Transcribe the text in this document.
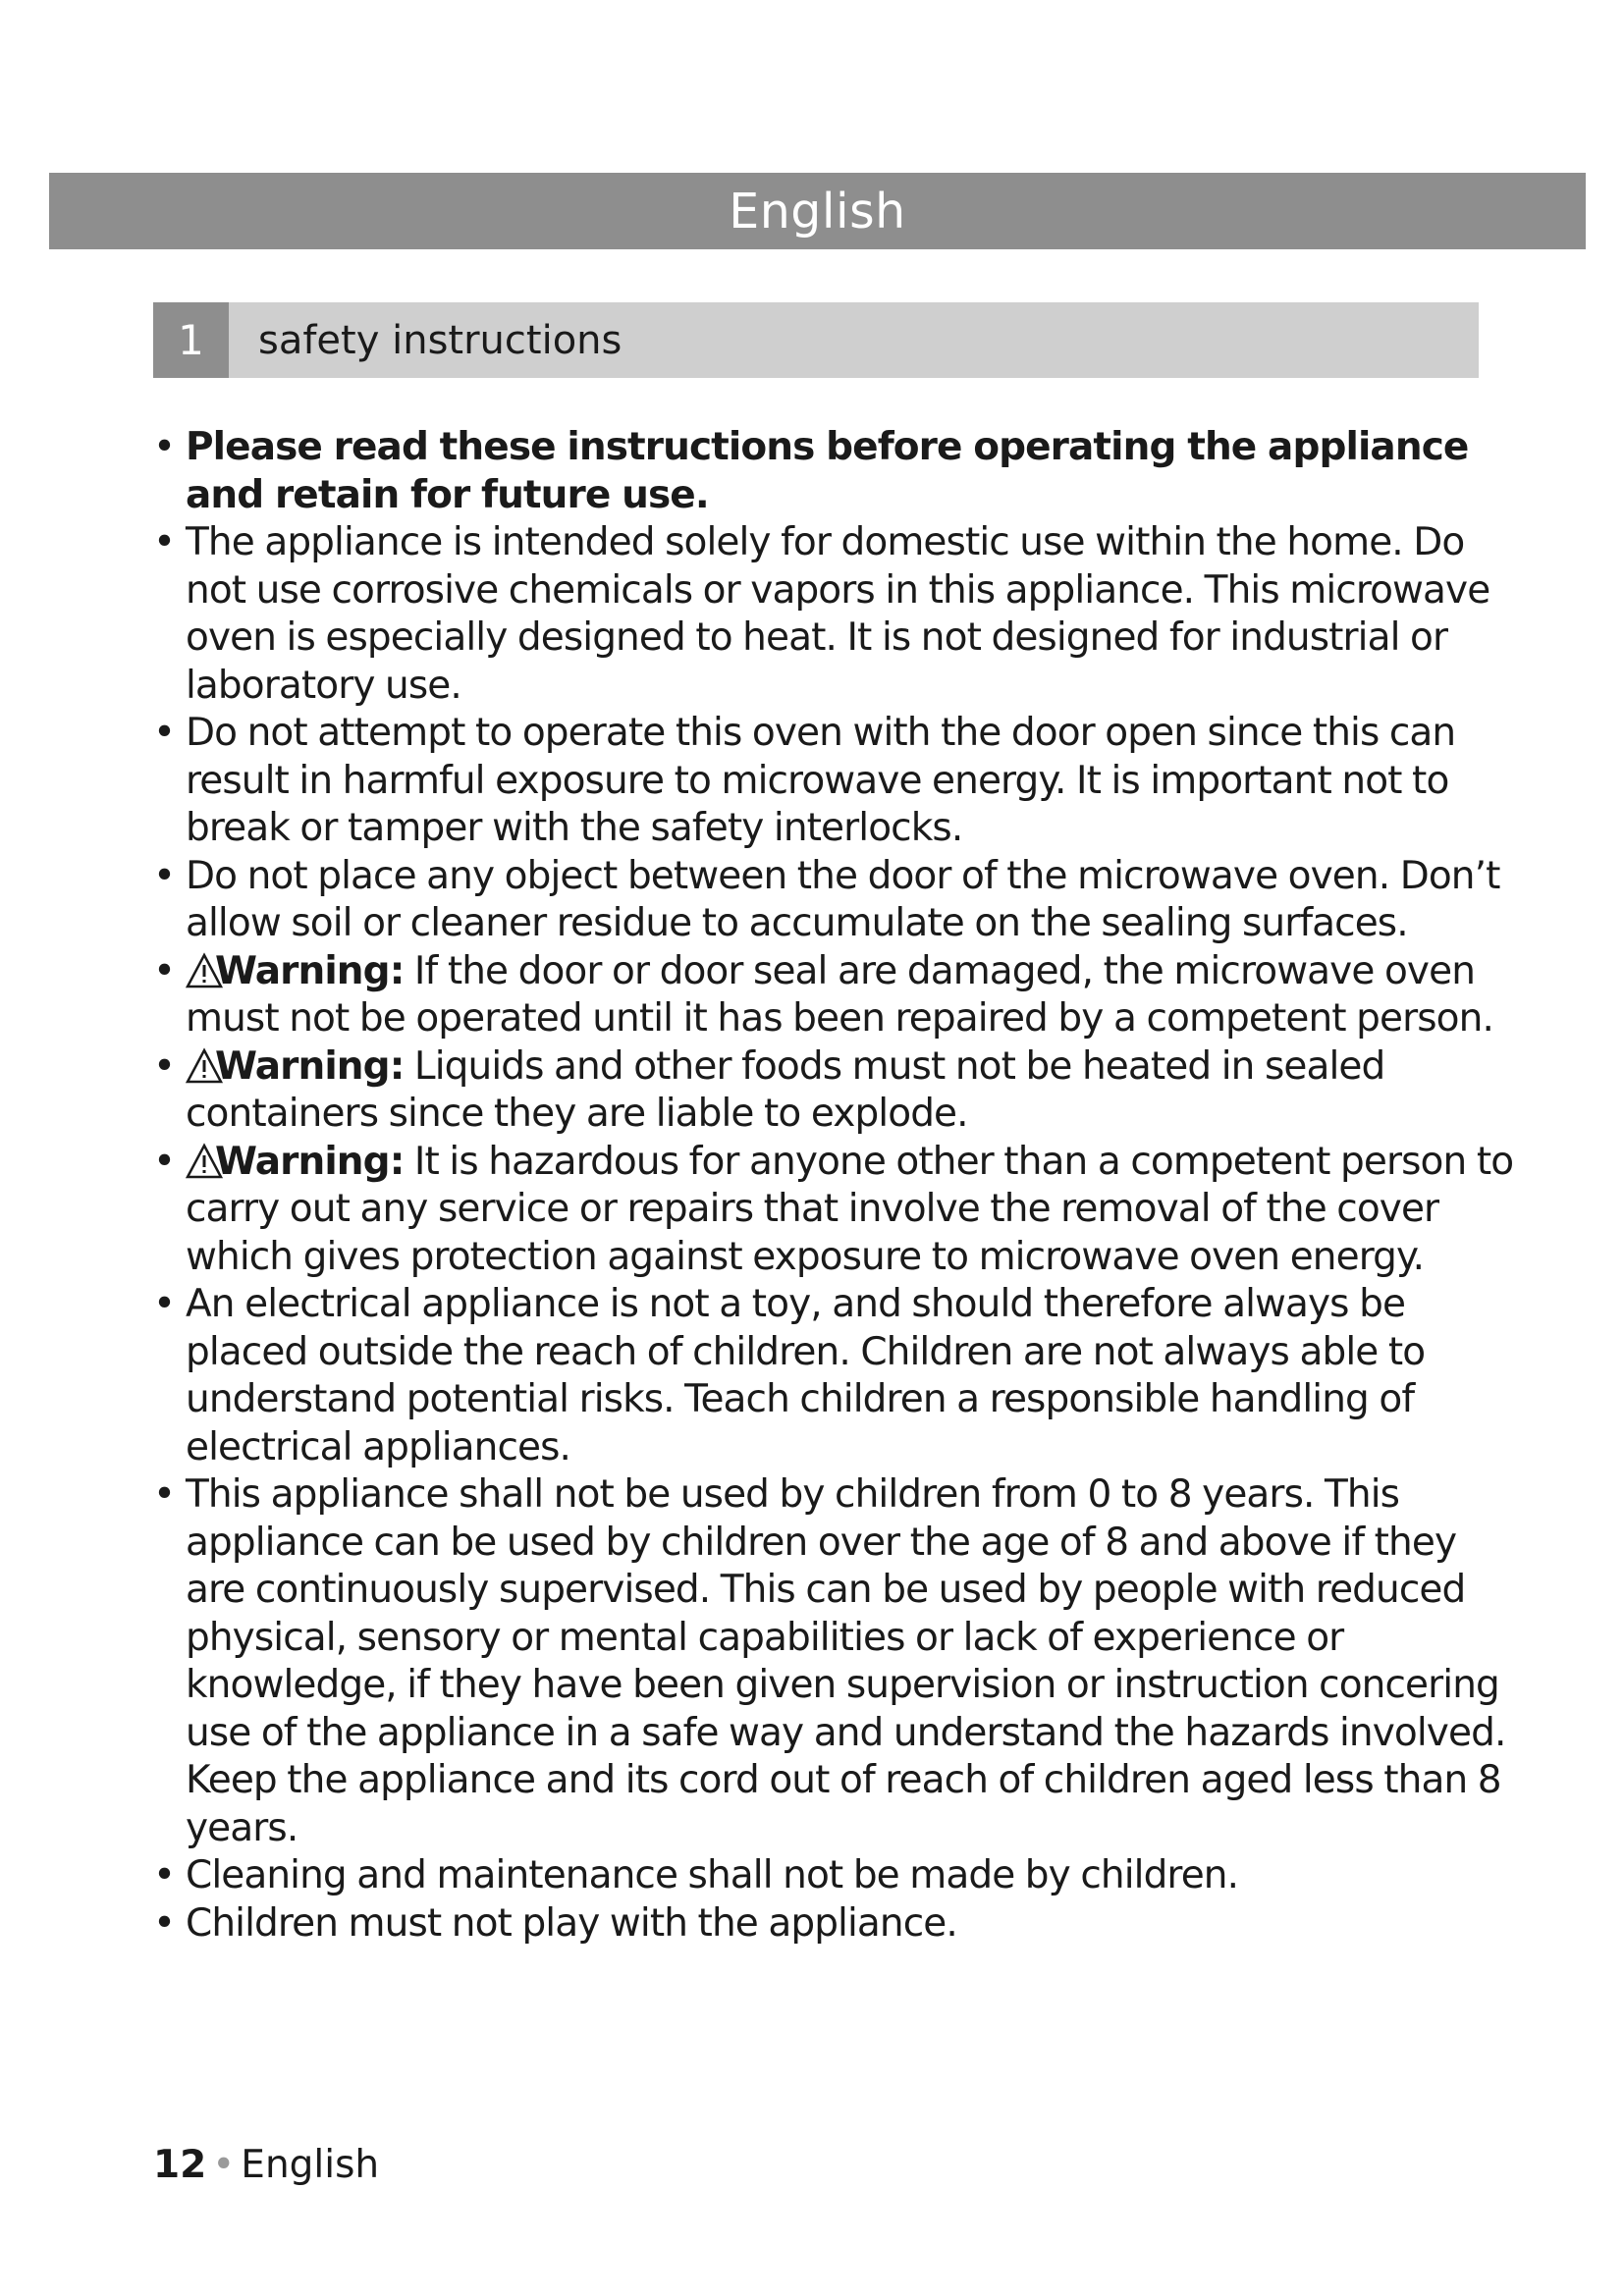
English
1	safety instructions
• Please read these instructions before operating the appliance and retain for future use.
• The appliance is intended solely for domestic use within the home. Do not use corrosive chemicals or vapors in this appliance. This microwave oven is especially designed to heat. It is not designed for industrial or laboratory use.
• Do not attempt to operate this oven with the door open since this can result in harmful exposure to microwave energy. It is important not to break or tamper with the safety interlocks.
• Do not place any object between the door of the microwave oven. Don’t allow soil or cleaner residue to accumulate on the sealing surfaces.
• Warning: If the door or door seal are damaged, the microwave oven must not be operated until it has been repaired by a competent person.
• Warning: Liquids and other foods must not be heated in sealed containers since they are liable to explode.
• Warning: It is hazardous for anyone other than a competent person to carry out any service or repairs that involve the removal of the cover which gives protection against exposure to microwave oven energy.
• An electrical appliance is not a toy, and should therefore always be placed outside the reach of children. Children are not always able to understand potential risks. Teach children a responsible handling of electrical appliances.
• This appliance shall not be used by children from 0 to 8 years. This appliance can be used by children over the age of 8 and above if they are continuously supervised. This can be used by people with reduced physical, sensory or mental capabilities or lack of experience or knowledge, if they have been given supervision or instruction concering use of the appliance in a safe way and understand the hazards involved. Keep the appliance and its cord out of reach of children aged less than 8 years.
• Cleaning and maintenance shall not be made by children.
• Children must not play with the appliance.
12 • English
